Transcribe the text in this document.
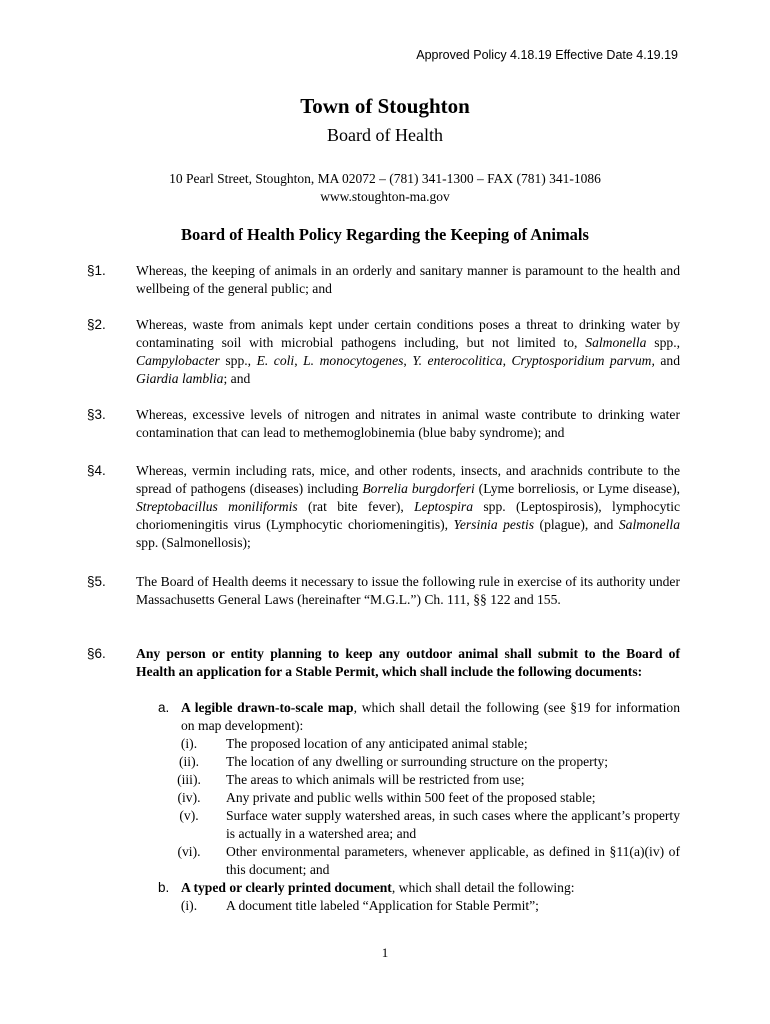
Approved Policy 4.18.19 Effective Date 4.19.19
Town of Stoughton
Board of Health
10 Pearl Street, Stoughton, MA 02072 – (781) 341-1300 – FAX (781) 341-1086
www.stoughton-ma.gov
Board of Health Policy Regarding the Keeping of Animals
§1. Whereas, the keeping of animals in an orderly and sanitary manner is paramount to the health and wellbeing of the general public; and
§2. Whereas, waste from animals kept under certain conditions poses a threat to drinking water by contaminating soil with microbial pathogens including, but not limited to, Salmonella spp., Campylobacter spp., E. coli, L. monocytogenes, Y. enterocolitica, Cryptosporidium parvum, and Giardia lamblia; and
§3. Whereas, excessive levels of nitrogen and nitrates in animal waste contribute to drinking water contamination that can lead to methemoglobinemia (blue baby syndrome); and
§4. Whereas, vermin including rats, mice, and other rodents, insects, and arachnids contribute to the spread of pathogens (diseases) including Borrelia burgdorferi (Lyme borreliosis, or Lyme disease), Streptobacillus moniliformis (rat bite fever), Leptospira spp. (Leptospirosis), lymphocytic choriomeningitis virus (Lymphocytic choriomeningitis), Yersinia pestis (plague), and Salmonella spp. (Salmonellosis);
§5. The Board of Health deems it necessary to issue the following rule in exercise of its authority under Massachusetts General Laws (hereinafter “M.G.L.”) Ch. 111, §§ 122 and 155.
§6. Any person or entity planning to keep any outdoor animal shall submit to the Board of Health an application for a Stable Permit, which shall include the following documents:
a. A legible drawn-to-scale map, which shall detail the following (see §19 for information on map development):
(i).	The proposed location of any anticipated animal stable;
(ii).	The location of any dwelling or surrounding structure on the property;
(iii).	The areas to which animals will be restricted from use;
(iv).	Any private and public wells within 500 feet of the proposed stable;
(v).	Surface water supply watershed areas, in such cases where the applicant’s property is actually in a watershed area; and
(vi).	Other environmental parameters, whenever applicable, as defined in §11(a)(iv) of this document; and
b. A typed or clearly printed document, which shall detail the following:
(i).	A document title labeled “Application for Stable Permit”;
1
